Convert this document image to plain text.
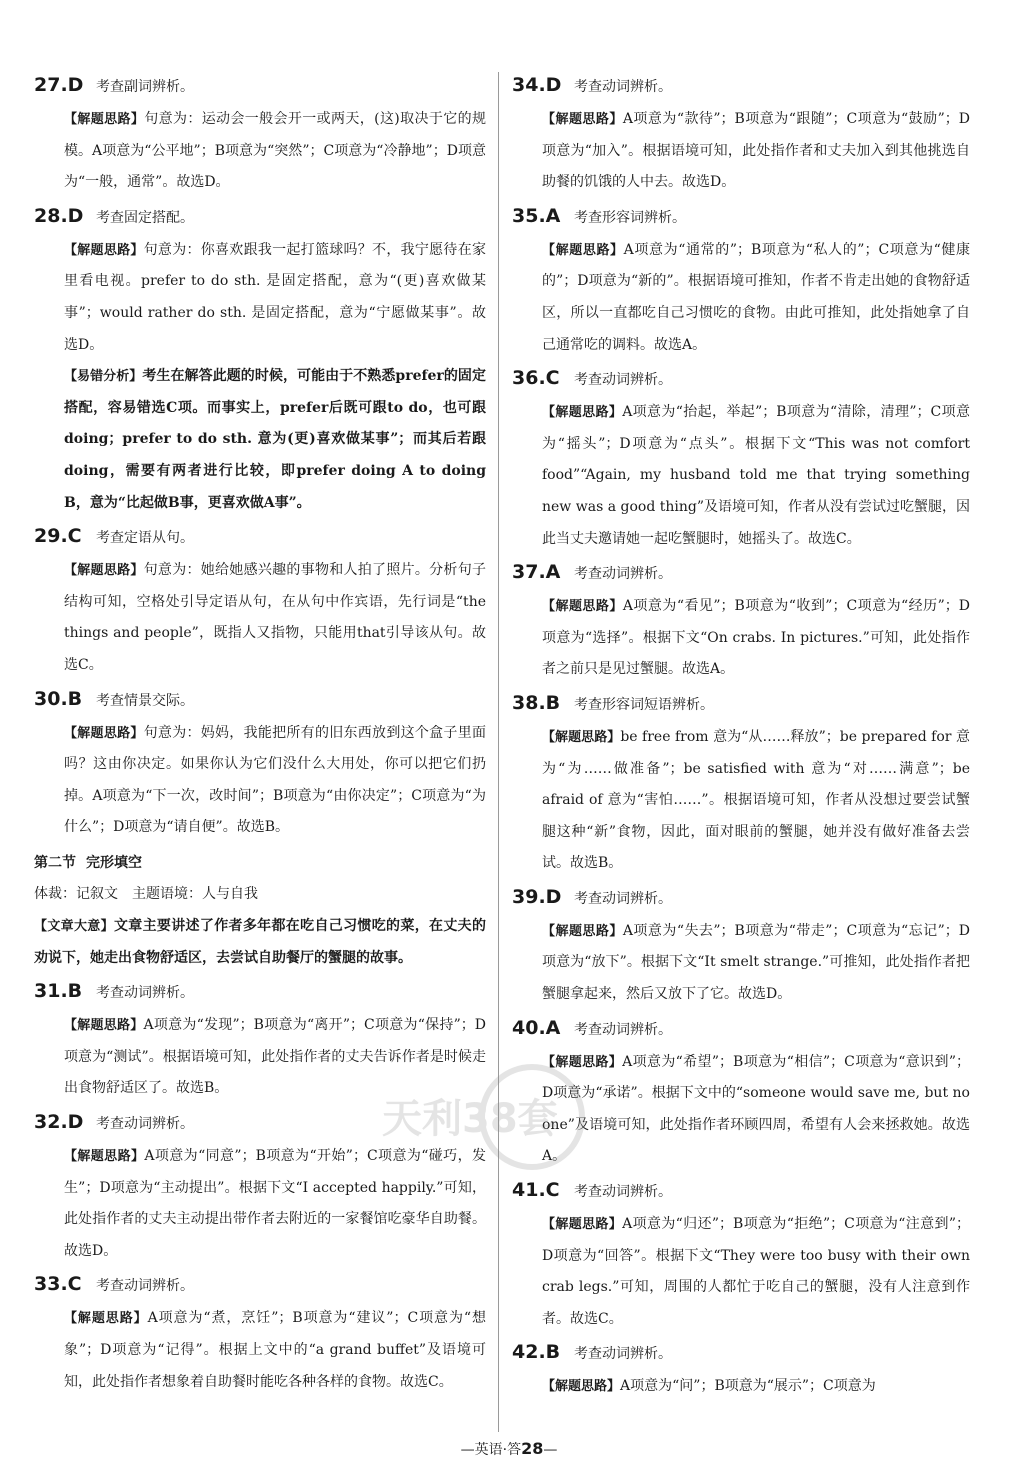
27.D 考查副词辨析。

【解题思路】句意为：运动会一般会开一或两天，(这)取决于它的规模。A项意为“公平地”；B项意为“突然”；C项意为“冷静地”；D项意为“一般，通常”。故选D。

28.D 考查固定搭配。

【解题思路】句意为：你喜欢跟我一起打篮球吗？不，我宁愿待在家里看电视。prefer to do sth. 是固定搭配，意为“(更)喜欢做某事”；would rather do sth. 是固定搭配，意为“宁愿做某事”。故选D。

【易错分析】考生在解答此题的时候，可能由于不熟悉prefer的固定搭配，容易错选C项。而事实上，prefer后既可跟to do，也可跟doing；prefer to do sth. 意为(更)喜欢做某事”；而其后若跟doing，需要有两者进行比较，即prefer doing A to doing B，意为“比起做B事，更喜欢做A事”。

29.C	考查定语从句。

【解题思路】句意为：她给她感兴趣的事物和人拍了照片。分析句子结构可知，空格处引导定语从句，在从句中作宾语，先行词是“the things and people”，既指人又指物，只能用that引导该从句。故选C。

30.B 考查情景交际。

【解题思路】句意为：妈妈，我能把所有的旧东西放到这个盒子里面吗？这由你决定。如果你认为它们没什么大用处，你可以把它们扔掉。A项意为“下一次，改时间”；B项意为“由你决定”；C项意为“为什么”；D项意为“请自便”。故选B。

第二节 完形填空

体裁：记叙文　主题语境：人与自我

【文章大意】文章主要讲述了作者多年都在吃自己习惯吃的菜，在丈夫的劝说下，她走出食物舒适区，去尝试自助餐厅的蟹腿的故事。

31.B 考查动词辨析。

【解题思路】A项意为“发现”；B项意为“离开”；C项意为“保持”；D项意为“测试”。根据语境可知，此处指作者的丈夫告诉作者是时候走出食物舒适区了。故选B。

32.D 考查动词辨析。

【解题思路】A项意为“同意”；B项意为“开始”；C项意为“碰巧，发生”；D项意为“主动提出”。根据下文“I accepted happily.”可知，此处指作者的丈夫主动提出带作者去附近的一家餐馆吃豪华自助餐。故选D。

33.C	考查动词辨析。

【解题思路】A项意为“煮，烹饪”；B项意为“建议”；C项意为“想象”；D项意为“记得”。根据上文中的“a grand buffet”及语境可知，此处指作者想象着自助餐时能吃各种各样的食物。故选C。

34.D 考查动词辨析。

【解题思路】A项意为“款待”；B项意为“跟随”；C项意为“鼓励”；D项意为“加入”。根据语境可知，此处指作者和丈夫加入到其他挑选自助餐的饥饿的人中去。故选D。

35.A 考查形容词辨析。

【解题思路】A项意为“通常的”；B项意为“私人的”；C项意为“健康的”；D项意为“新的”。根据语境可推知，作者不肯走出她的食物舒适区，所以一直都吃自己习惯吃的食物。由此可推知，此处指她拿了自己通常吃的调料。故选A。

36.C	考查动词辨析。

【解题思路】A项意为“抬起，举起”；B项意为“清除，清理”；C项意为“摇头”；D项意为“点头”。根据下文“This was not comfort food”“Again, my husband told me that trying something new was a good thing”及语境可知，作者从没有尝试过吃蟹腿，因此当丈夫邀请她一起吃蟹腿时，她摇头了。故选C。

37.A 考查动词辨析。

【解题思路】A项意为“看见”；B项意为“收到”；C项意为“经历”；D项意为“选择”。根据下文“On crabs. In pictures.”可知，此处指作者之前只是见过蟹腿。故选A。

38.B 考查形容词短语辨析。

【解题思路】be free from 意为“从……释放”；be prepared for 意为“为……做准备”；be satisfied with 意为“对……满意”；be afraid of 意为“害怕……”。根据语境可知，作者从没想过要尝试蟹腿这种“新”食物，因此，面对眼前的蟹腿，她并没有做好准备去尝试。故选B。

39.D 考查动词辨析。

【解题思路】A项意为“失去”；B项意为“带走”；C项意为“忘记”；D项意为“放下”。根据下文“It smelt strange.”可推知，此处指作者把蟹腿拿起来，然后又放下了它。故选D。

40.A 考查动词辨析。

【解题思路】A项意为“希望”；B项意为“相信”；C项意为“意识到”；D项意为“承诺”。根据下文中的“someone would save me, but no one”及语境可知，此处指作者环顾四周，希望有人会来拯救她。故选A。

41.C	考查动词辨析。

【解题思路】A项意为“归还”；B项意为“拒绝”；C项意为“注意到”；D项意为“回答”。根据下文“They were too busy with their own crab legs.”可知，周围的人都忙于吃自己的蟹腿，没有人注意到作者。故选C。

42.B 考查动词辨析。

【解题思路】A项意为“问”；B项意为“展示”；C项意为

天利38套
—英语·答28—
